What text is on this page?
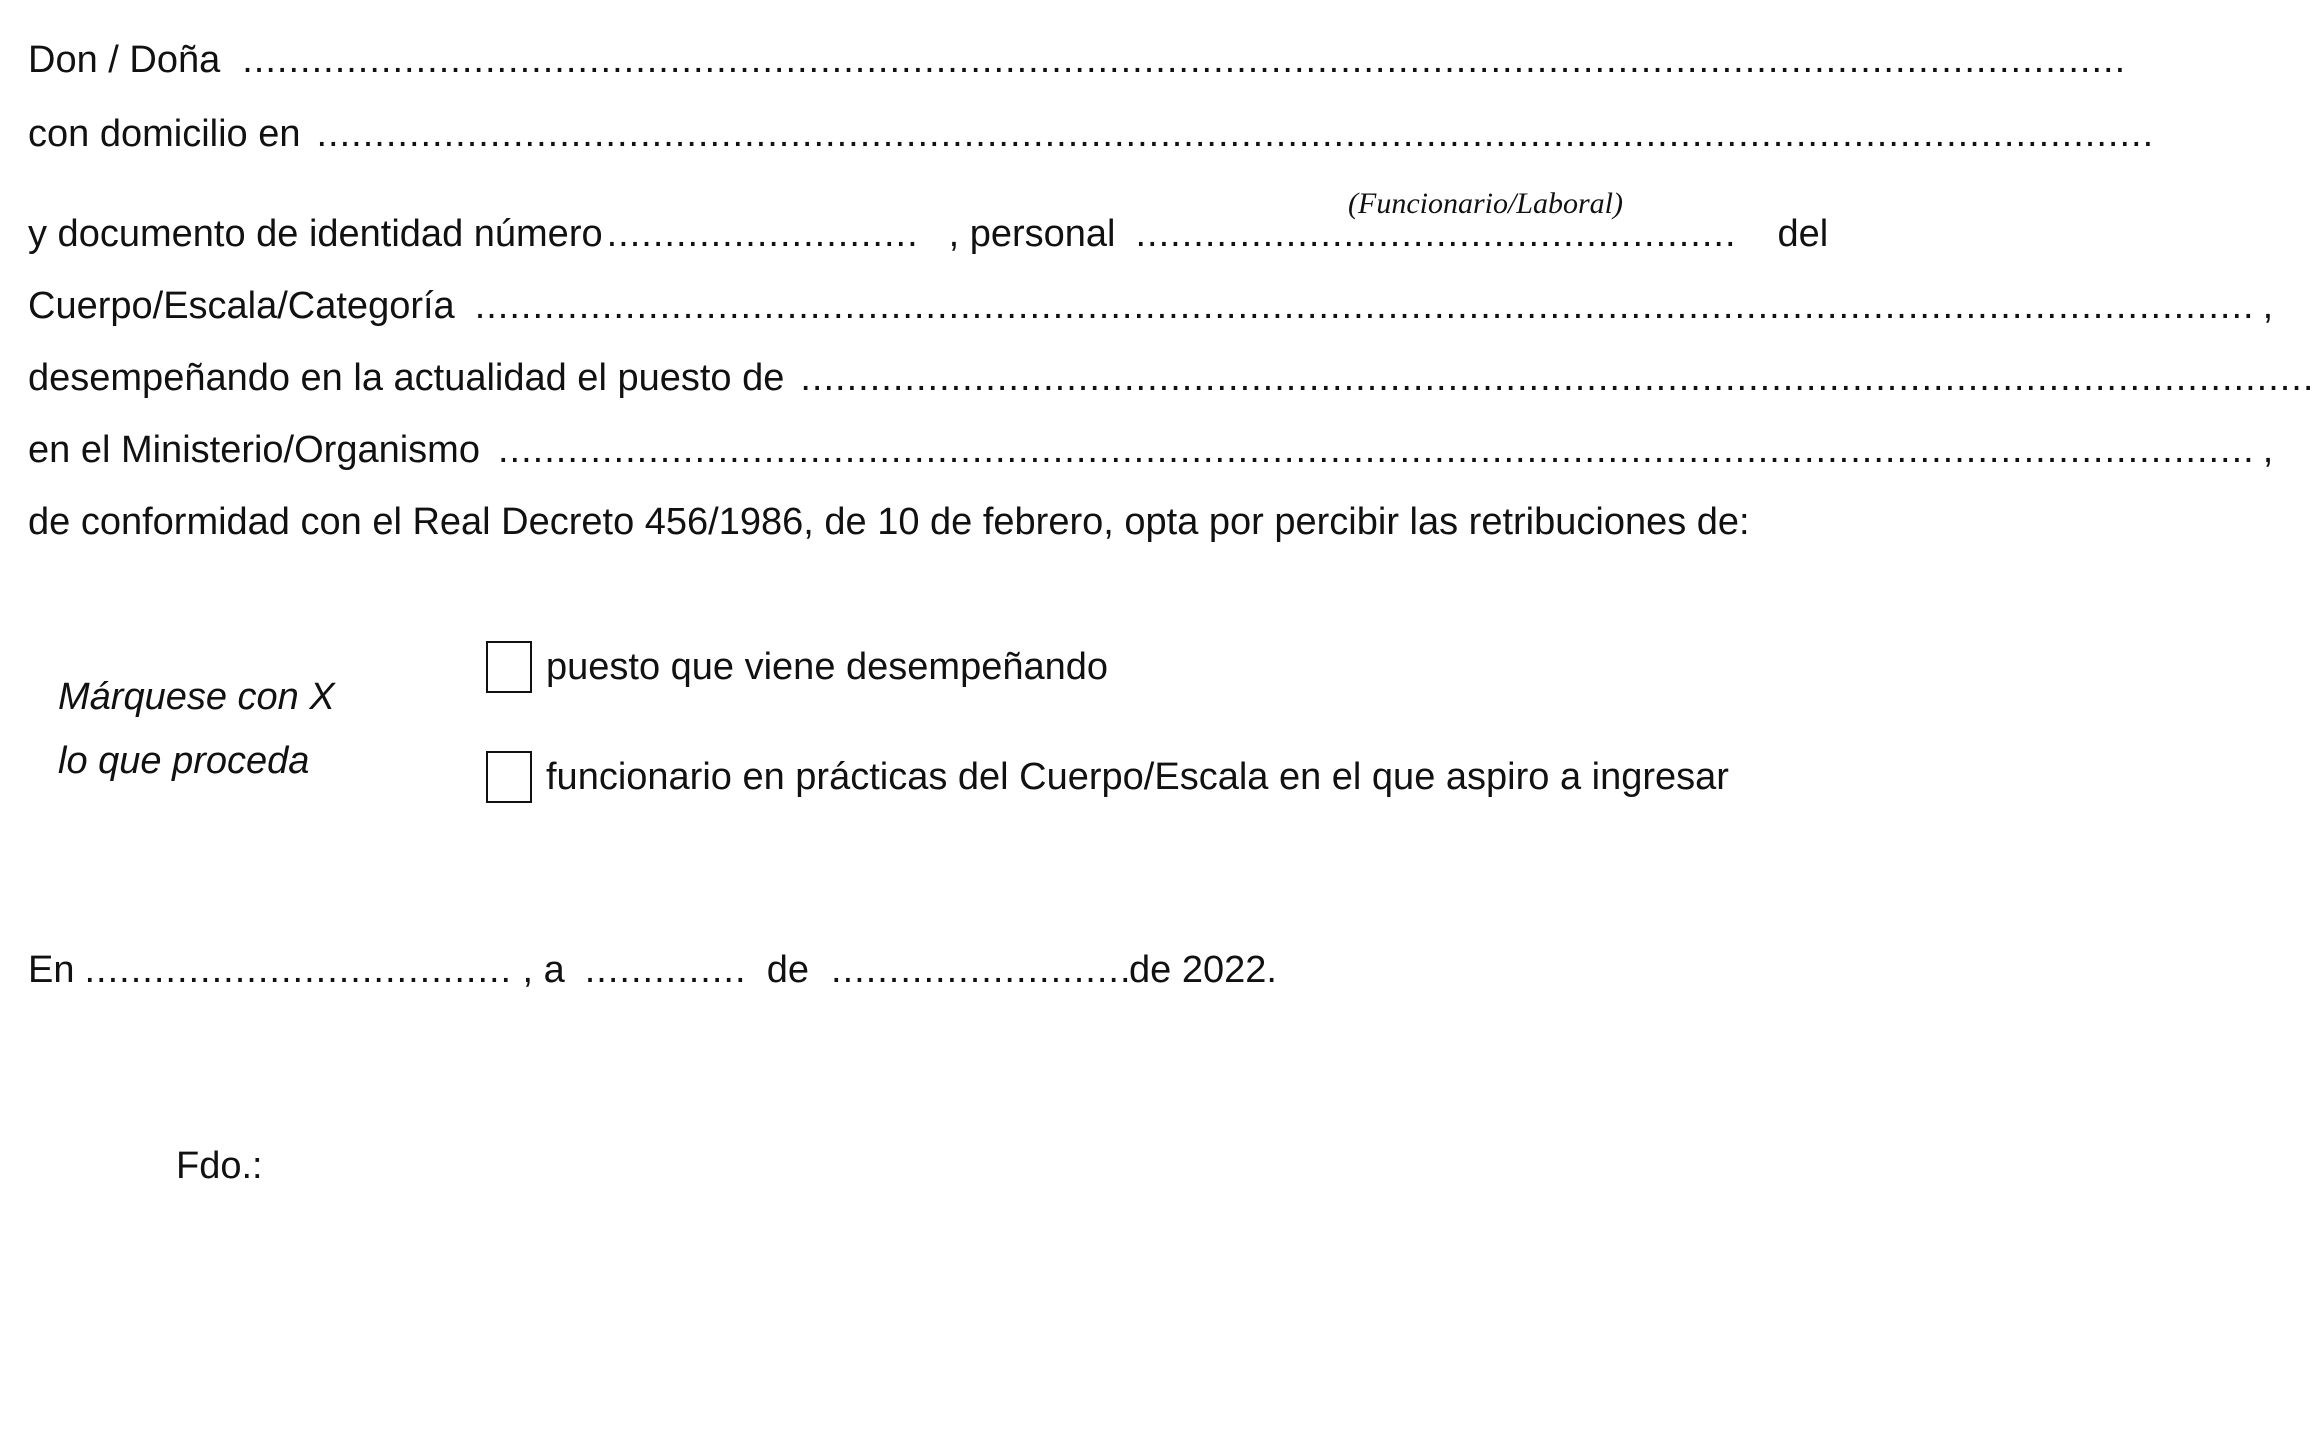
Don / Doña ...................................................................................................................................................................
con domicilio en ...............................................................................................................................................................
(Funcionario/Laboral)
y documento de identidad número ........................... , personal ....................................................	del
Cuerpo/Escala/Categoría .......................................................................................................................................................... ,
desempeñando en la actualidad el puesto de ...................................................................................................................................
en el Ministerio/Organismo ........................................................................................................................................................ ,
de conformidad con el Real Decreto 456/1986, de 10 de febrero, opta por percibir las retribuciones de:
Márquese con X
lo que proceda
puesto que viene desempeñando
funcionario en prácticas del Cuerpo/Escala en el que aspiro a ingresar
En ..................................... , a .............. de ..........................
de 2022.
Fdo.:
